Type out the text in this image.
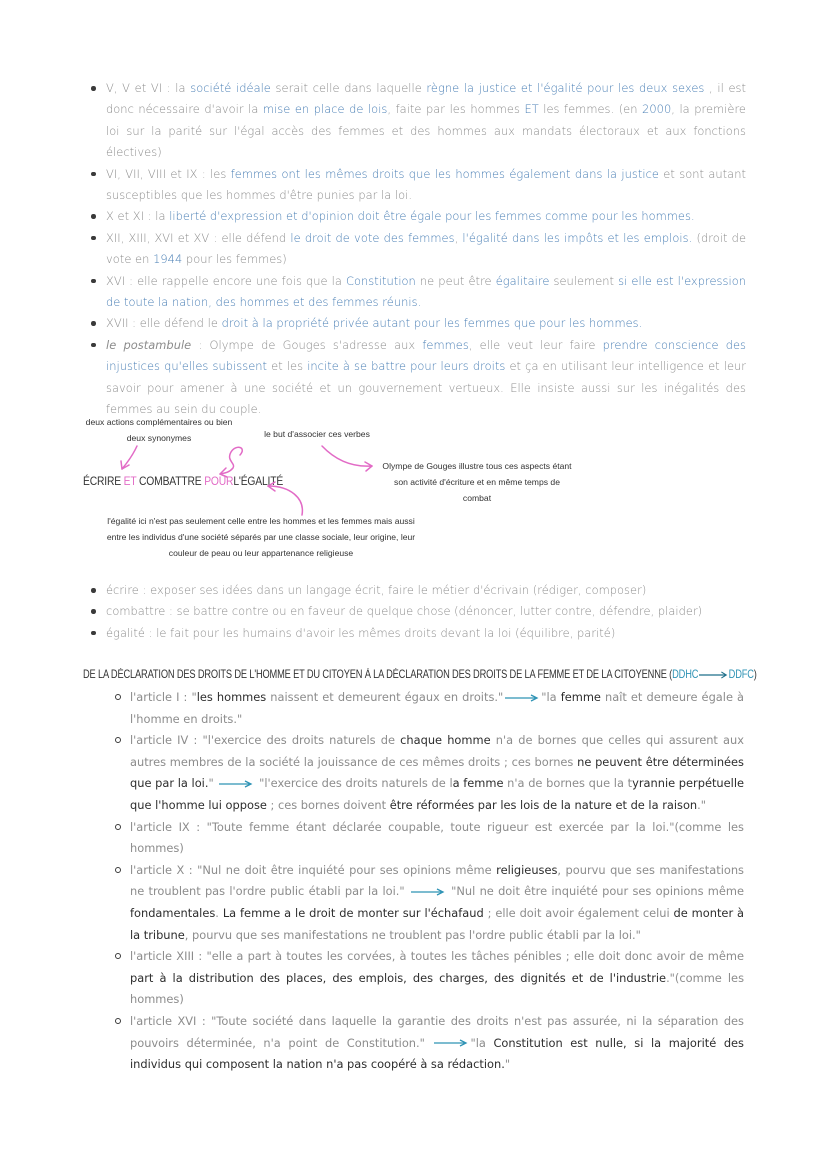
V, V et VI : la société idéale serait celle dans laquelle règne la justice et l'égalité pour les deux sexes , il est donc nécessaire d'avoir la mise en place de lois, faite par les hommes ET les femmes. (en 2000, la première loi sur la parité sur l'égal accès des femmes et des hommes aux mandats électoraux et aux fonctions électives)
VI, VII, VIII et IX : les femmes ont les mêmes droits que les hommes également dans la justice et sont autant susceptibles que les hommes d'être punies par la loi.
X et XI : la liberté d'expression et d'opinion doit être égale pour les femmes comme pour les hommes.
XII, XIII, XVI et XV : elle défend le droit de vote des femmes, l'égalité dans les impôts et les emplois. (droit de vote en 1944 pour les femmes)
XVI : elle rappelle encore une fois que la Constitution ne peut être égalitaire seulement si elle est l'expression de toute la nation, des hommes et des femmes réunis.
XVII : elle défend le droit à la propriété privée autant pour les femmes que pour les hommes.
le postambule : Olympe de Gouges s'adresse aux femmes, elle veut leur faire prendre conscience des injustices qu'elles subissent et les incite à se battre pour leurs droits et ça en utilisant leur intelligence et leur savoir pour amener à une société et un gouvernement vertueux. Elle insiste aussi sur les inégalités des femmes au sein du couple.
deux actions complémentaires ou bien deux synonymes	le but d'associer ces verbes
Olympe de Gouges illustre tous ces aspects étant son activité d'écriture et en même temps de combat
l'égalité ici n'est pas seulement celle entre les hommes et les femmes mais aussi entre les individus d'une société séparés par une classe sociale, leur origine, leur couleur de peau ou leur appartenance religieuse
ÉCRIRE ET COMBATTRE POURL'ÉGALITÉ
écrire : exposer ses idées dans un langage écrit, faire le métier d'écrivain (rédiger, composer)
combattre : se battre contre ou en faveur de quelque chose (dénoncer, lutter contre, défendre, plaider)
égalité : le fait pour les humains d'avoir les mêmes droits devant la loi (équilibre, parité)
DE LA DÉCLARATION DES DROITS DE L'HOMME ET DU CITOYEN À LA DÉCLARATION DES DROITS DE LA FEMME ET DE LA CITOYENNE (DDHC	DDFC)
l'article I : "les hommes naissent et demeurent égaux en droits."	"la femme naît et demeure égale à l'homme en droits."
l'article IV : "l'exercice des droits naturels de chaque homme n'a de bornes que celles qui assurent aux autres membres de la société la jouissance de ces mêmes droits ; ces bornes ne peuvent être déterminées que par la loi."	"l'exercice des droits naturels de la femme n'a de bornes que la tyrannie perpétuelle que l'homme lui oppose ; ces bornes doivent être réformées par les lois de la nature et de la raison."
l'article IX : "Toute femme étant déclarée coupable, toute rigueur est exercée par la loi."(comme les hommes)
l'article X : "Nul ne doit être inquiété pour ses opinions même religieuses, pourvu que ses manifestations ne troublent pas l'ordre public établi par la loi."	"Nul ne doit être inquiété pour ses opinions même fondamentales. La femme a le droit de monter sur l'échafaud ; elle doit avoir également celui de monter à la tribune, pourvu que ses manifestations ne troublent pas l'ordre public établi par la loi."
l'article XIII : "elle a part à toutes les corvées, à toutes les tâches pénibles ; elle doit donc avoir de même part à la distribution des places, des emplois, des charges, des dignités et de l'industrie."(comme les hommes)
l'article XVI : "Toute société dans laquelle la garantie des droits n'est pas assurée, ni la séparation des pouvoirs déterminée, n'a point de Constitution."	"la Constitution est nulle, si la majorité des individus qui composent la nation n'a pas coopéré à sa rédaction."
